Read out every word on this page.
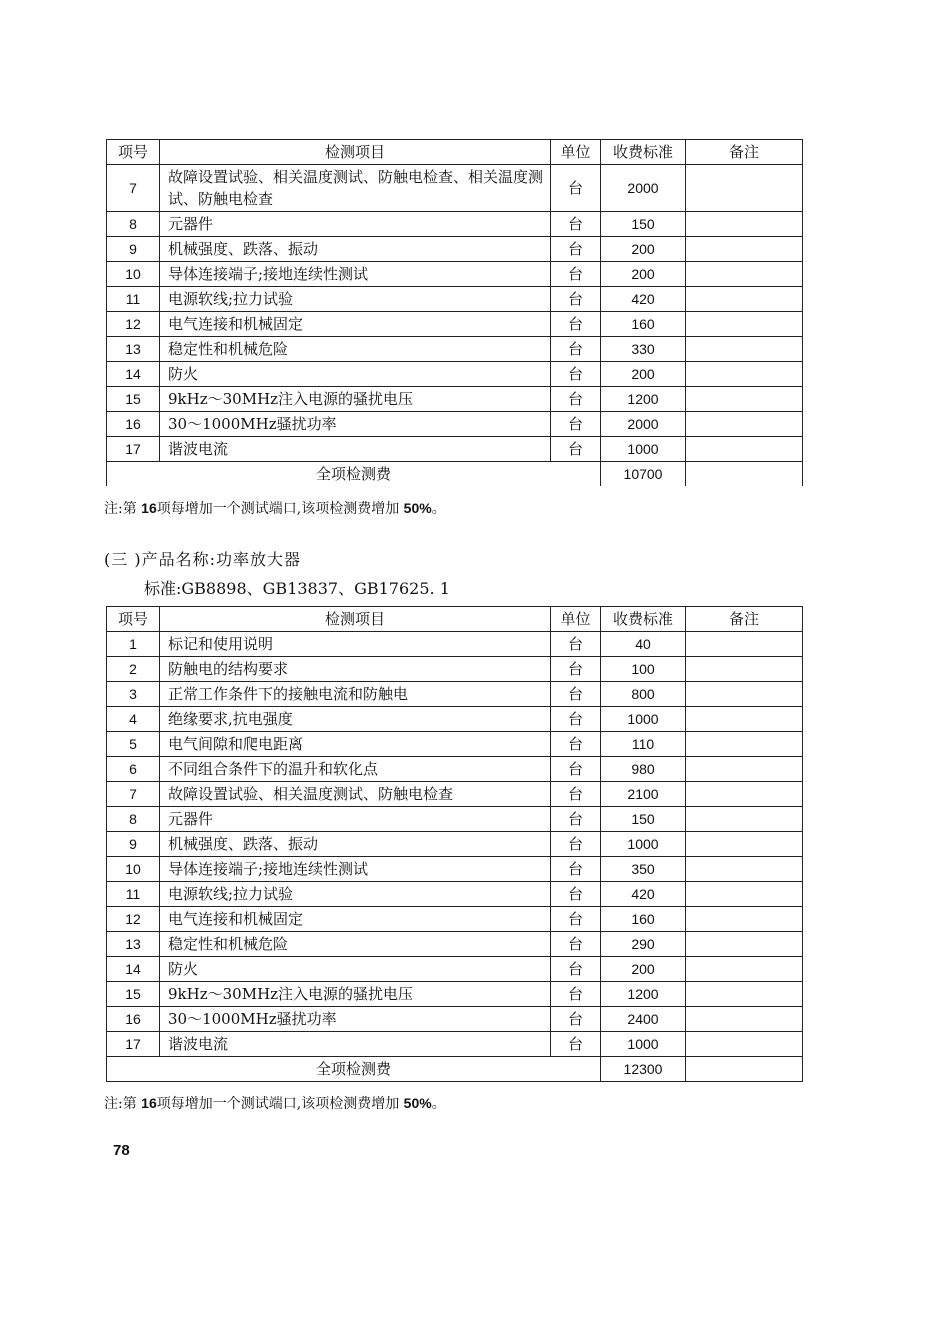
项号	检测项目	单位	收费标准	备注
7	故障设置试验、相关温度测试、防触电检查、相关温度测试、防触电检查	台	2000	
8	元器件	台	150	
9	机械强度、跌落、振动	台	200	
10	导体连接端子;接地连续性测试	台	200	
11	电源软线;拉力试验	台	420	
12	电气连接和机械固定	台	160	
13	稳定性和机械危险	台	330	
14	防火	台	200	
15	9kHz～30MHz注入电源的骚扰电压	台	1200	
16	30～1000MHz骚扰功率	台	2000	
17	谐波电流	台	1000	
全项检测费			10700	
注:第 16项每增加一个测试端口,该项检测费增加 50%。
(三 )产品名称:功率放大器
标准:GB8898、GB13837、GB17625. 1
项号	检测项目	单位	收费标准	备注
1	标记和使用说明	台	40	
2	防触电的结构要求	台	100	
3	正常工作条件下的接触电流和防触电	台	800	
4	绝缘要求,抗电强度	台	1000	
5	电气间隙和爬电距离	台	110	
6	不同组合条件下的温升和软化点	台	980	
7	故障设置试验、相关温度测试、防触电检查	台	2100	
8	元器件	台	150	
9	机械强度、跌落、振动	台	1000	
10	导体连接端子;接地连续性测试	台	350	
11	电源软线;拉力试验	台	420	
12	电气连接和机械固定	台	160	
13	稳定性和机械危险	台	290	
14	防火	台	200	
15	9kHz～30MHz注入电源的骚扰电压	台	1200	
16	30～1000MHz骚扰功率	台	2400	
17	谐波电流	台	1000	
全项检测费			12300	
注:第 16项每增加一个测试端口,该项检测费增加 50%。
78
